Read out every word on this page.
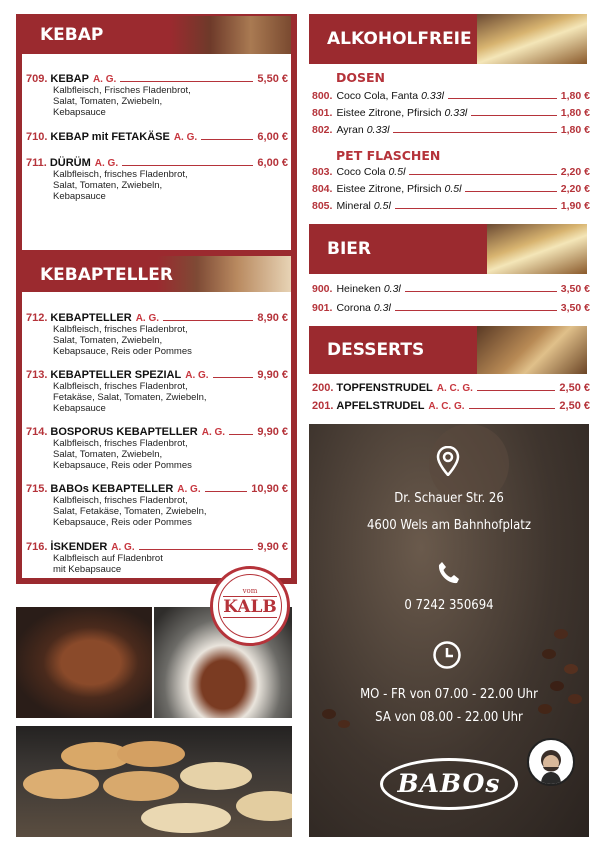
KEBAP
709. KEBAP A. G.	5,50 €
Kalbfleisch, Frisches Fladenbrot,
Salat, Tomaten, Zwiebeln,
Kebapsauce
710. KEBAP mit FETAKÄSE A. G.	6,00 €
711. DÜRÜM A. G.	6,00 €
Kalbfleisch, frisches Fladenbrot,
Salat, Tomaten, Zwiebeln,
Kebapsauce
KEBAPTELLER
712. KEBAPTELLER A. G.	8,90 €
Kalbfleisch, frisches Fladenbrot,
Salat, Tomaten, Zwiebeln,
Kebapsauce, Reis oder Pommes
713. KEBAPTELLER SPEZIAL A. G.	9,90 €
Kalbfleisch, frisches Fladenbrot,
Fetakäse, Salat, Tomaten, Zwiebeln,
Kebapsauce
714. BOSPORUS KEBAPTELLER A. G.	9,90 €
Kalbfleisch, frisches Fladenbrot,
Salat, Tomaten, Zwiebeln,
Kebapsauce, Reis oder Pommes
715. BABOs KEBAPTELLER A. G.	10,90 €
Kalbfleisch, frisches Fladenbrot,
Salat, Fetakäse, Tomaten, Zwiebeln,
Kebapsauce, Reis oder Pommes
716. İSKENDER A. G.	9,90 €
Kalbfleisch auf Fladenbrot
mit Kebapsauce
vom
KALB
ALKOHOLFREIE
DOSEN
800. Coco Cola, Fanta 0.33l	1,80 €
801. Eistee Zitrone, Pfirsich 0.33l	1,80 €
802. Ayran 0.33l	1,80 €
PET FLASCHEN
803. Coco Cola 0.5l	2,20 €
804. Eistee Zitrone, Pfirsich 0.5l	2,20 €
805. Mineral 0.5l	1,90 €
BIER
900. Heineken 0.3l	3,50 €
901. Corona 0.3l	3,50 €
DESSERTS
200. TOPFENSTRUDEL A. C. G.	2,50 €
201. APFELSTRUDEL A. C. G.	2,50 €
Dr. Schauer Str. 26
4600 Wels am Bahnhofplatz
0 7242 350694
MO - FR von 07.00 - 22.00 Uhr
SA von 08.00 - 22.00 Uhr
BABOs
